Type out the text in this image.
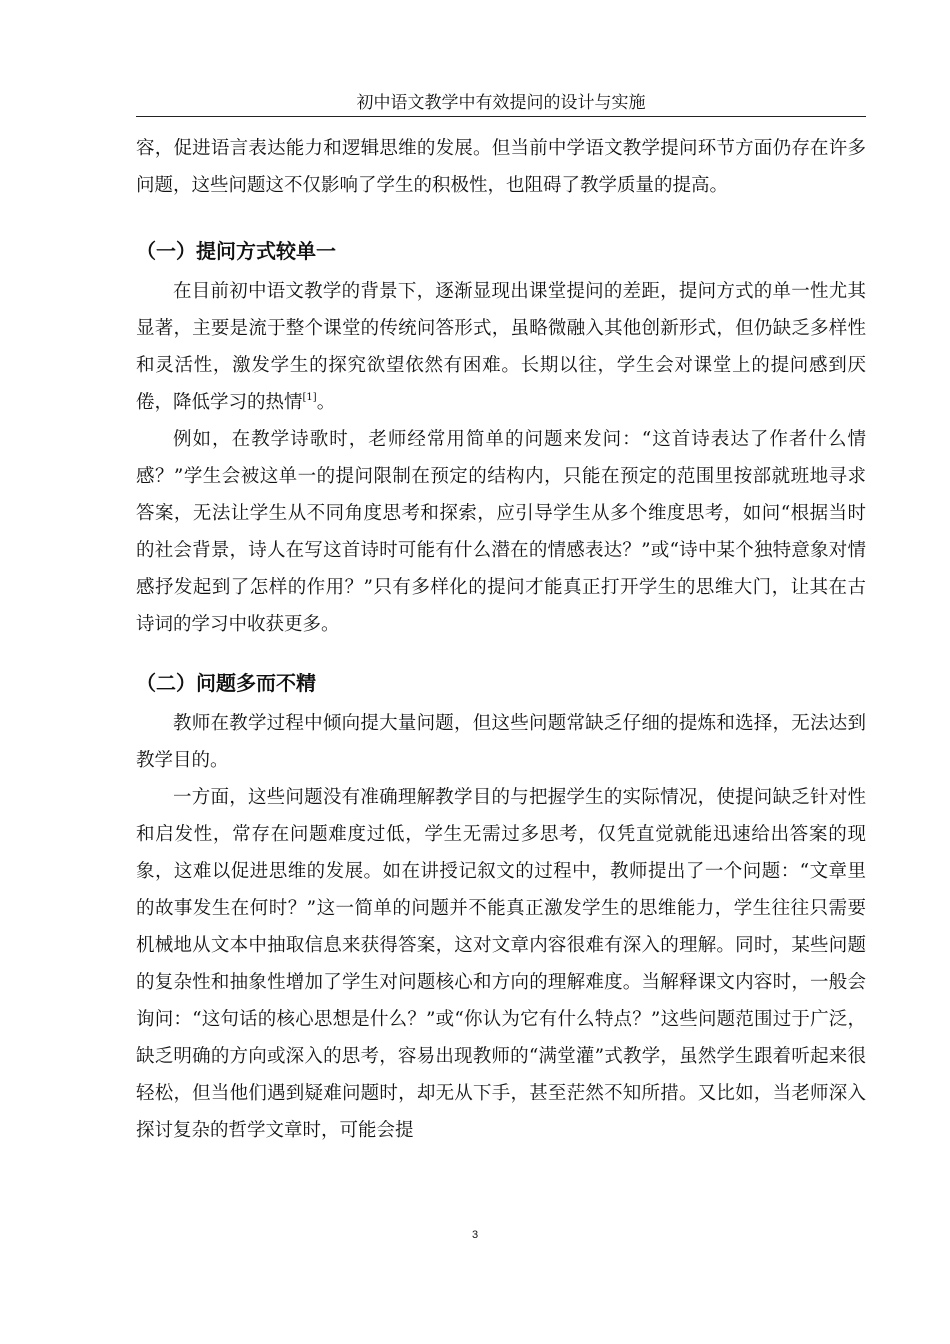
初中语文教学中有效提问的设计与实施

容，促进语言表达能力和逻辑思维的发展。但当前中学语文教学提问环节方面仍存在许多问题，这些问题这不仅影响了学生的积极性，也阻碍了教学质量的提高。

（一）提问方式较单一

在目前初中语文教学的背景下，逐渐显现出课堂提问的差距，提问方式的单一性尤其显著，主要是流于整个课堂的传统问答形式，虽略微融入其他创新形式，但仍缺乏多样性和灵活性，激发学生的探究欲望依然有困难。长期以往，学生会对课堂上的提问感到厌倦，降低学习的热情[1]。

例如，在教学诗歌时，老师经常用简单的问题来发问：“这首诗表达了作者什么情感？”学生会被这单一的提问限制在预定的结构内，只能在预定的范围里按部就班地寻求答案，无法让学生从不同角度思考和探索，应引导学生从多个维度思考，如问“根据当时的社会背景，诗人在写这首诗时可能有什么潜在的情感表达？”或“诗中某个独特意象对情感抒发起到了怎样的作用？”只有多样化的提问才能真正打开学生的思维大门，让其在古诗词的学习中收获更多。

（二）问题多而不精

教师在教学过程中倾向提大量问题，但这些问题常缺乏仔细的提炼和选择，无法达到教学目的。

一方面，这些问题没有准确理解教学目的与把握学生的实际情况，使提问缺乏针对性和启发性，常存在问题难度过低，学生无需过多思考，仅凭直觉就能迅速给出答案的现象，这难以促进思维的发展。如在讲授记叙文的过程中，教师提出了一个问题：“文章里的故事发生在何时？”这一简单的问题并不能真正激发学生的思维能力，学生往往只需要机械地从文本中抽取信息来获得答案，这对文章内容很难有深入的理解。同时，某些问题的复杂性和抽象性增加了学生对问题核心和方向的理解难度。当解释课文内容时，一般会询问：“这句话的核心思想是什么？”或“你认为它有什么特点？”这些问题范围过于广泛，缺乏明确的方向或深入的思考，容易出现教师的“满堂灌”式教学，虽然学生跟着听起来很轻松，但当他们遇到疑难问题时，却无从下手，甚至茫然不知所措。又比如，当老师深入探讨复杂的哲学文章时，可能会提

3
